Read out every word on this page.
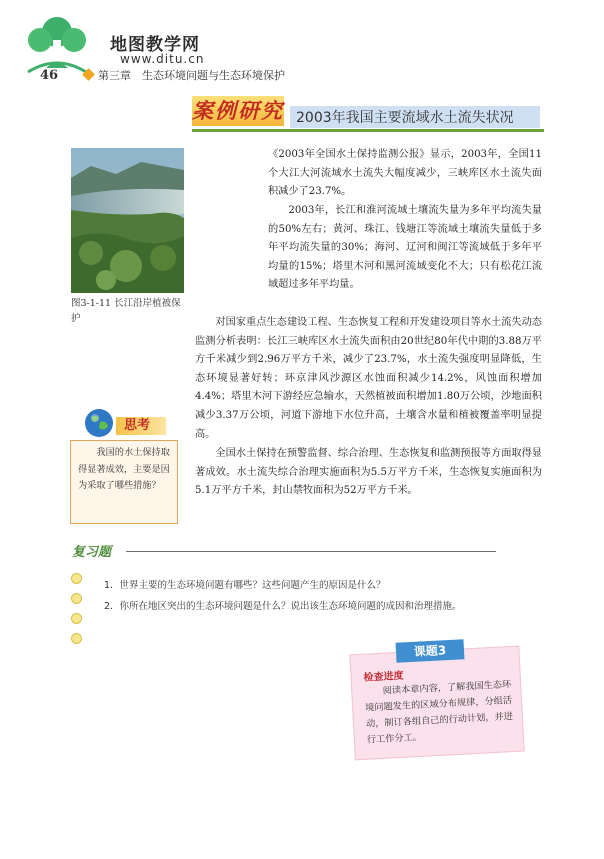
地图教学网
www.ditu.cn
46	第三章　生态环境问题与生态环境保护
案例研究 2003年我国主要流域水土流失状况
图3-1-11 长江沿岸植被保护

《2003年全国水土保持监测公报》显示，2003年，全国11个大江大河流域水土流失大幅度减少，三峡库区水土流失面积减少了23.7%。

2003年，长江和淮河流域土壤流失量为多年平均流失量的50%左右；黄河、珠江、钱塘江等流域土壤流失量低于多年平均流失量的30%；海河、辽河和闽江等流域低于多年平均量的15%；塔里木河和黑河流域变化不大；只有松花江流域超过多年平均量。

对国家重点生态建设工程、生态恢复工程和开发建设项目等水土流失动态监测分析表明：长江三峡库区水土流失面积由20世纪80年代中期的3.88万平方千米减少到2.96万平方千米，减少了23.7%，水土流失强度明显降低，生态环境显著好转；环京津风沙源区水蚀面积减少14.2%，风蚀面积增加4.4%；塔里木河下游经应急输水，天然植被面积增加1.80万公顷，沙地面积减少3.37万公顷，河道下游地下水位升高，土壤含水量和植被覆盖率明显提高。

全国水土保持在预警监督、综合治理、生态恢复和监测预报等方面取得显著成效。水土流失综合治理实施面积为5.5万平方千米，生态恢复实施面积为5.1万平方千米，封山禁牧面积为52万平方千米。

思考
我国的水土保持取得显著成效，主要是因为采取了哪些措施？
复习题
1．世界主要的生态环境问题有哪些？这些问题产生的原因是什么？
2．你所在地区突出的生态环境问题是什么？说出该生态环境问题的成因和治理措施。
检查进度
阅读本章内容，了解我国生态环境问题发生的区域分布规律，分组活动，制订各组自己的行动计划，并进行工作分工。
课题3
